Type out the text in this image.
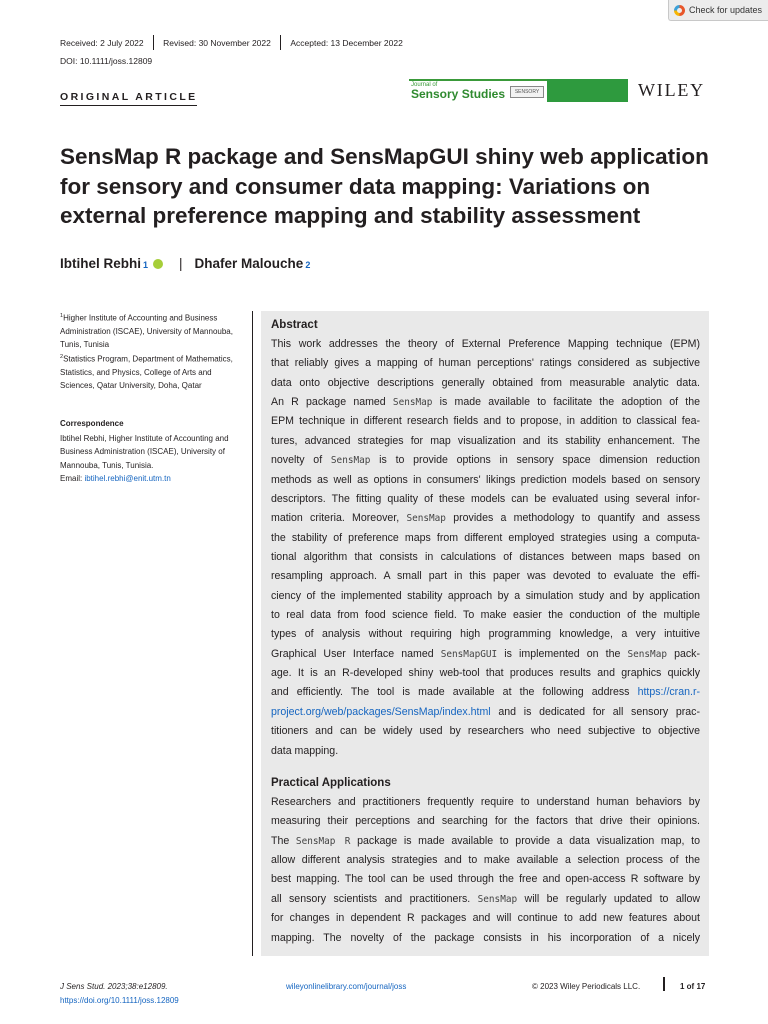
Check for updates
Received: 2 July 2022	Revised: 30 November 2022	Accepted: 13 December 2022
DOI: 10.1111/joss.12809
ORIGINAL ARTICLE
Journal of
Sensory Studies	SENSORY	WILEY
SensMap R package and SensMapGUI shiny web application for sensory and consumer data mapping: Variations on external preference mapping and stability assessment
Ibtihel Rebhi 1 | Dhafer Malouche 2
$^1$Higher Institute of Accounting and Business Administration (ISCAE), University of Mannouba, Tunis, Tunisia
$^2$Statistics Program, Department of Mathematics, Statistics, and Physics, College of Arts and Sciences, Qatar University, Doha, Qatar
Correspondence
Ibtihel Rebhi, Higher Institute of Accounting and Business Administration (ISCAE), University of Mannouba, Tunis, Tunisia.
Email: ibtihel.rebhi@enit.utm.tn
Abstract
This work addresses the theory of External Preference Mapping technique (EPM)
that reliably gives a mapping of human perceptions' ratings considered as subjective
data onto objective descriptions generally obtained from measurable analytic data.
An R package named SensMap is made available to facilitate the adoption of the
EPM technique in different research fields and to propose, in addition to classical fea-
tures, advanced strategies for map visualization and its stability enhancement. The
novelty of SensMap is to provide options in sensory space dimension reduction
methods as well as options in consumers' likings prediction models based on sensory
descriptors. The fitting quality of these models can be evaluated using several infor-
mation criteria. Moreover, SensMap provides a methodology to quantify and assess
the stability of preference maps from different employed strategies using a computa-
tional algorithm that consists in calculations of distances between maps based on
resampling approach. A small part in this paper was devoted to evaluate the effi-
ciency of the implemented stability approach by a simulation study and by application
to real data from food science field. To make easier the conduction of the multiple
types of analysis without requiring high programming knowledge, a very intuitive
Graphical User Interface named SensMapGUI is implemented on the SensMap pack-
age. It is an R-developed shiny web-tool that produces results and graphics quickly
and efficiently. The tool is made available at the following address https://cran.r-
project.org/web/packages/SensMap/index.html and is dedicated for all sensory prac-
titioners and can be widely used by researchers who need subjective to objective
data mapping.
Practical Applications
Researchers and practitioners frequently require to understand human behaviors by
measuring their perceptions and searching for the factors that drive their opinions.
The SensMap R package is made available to provide a data visualization map, to
allow different analysis strategies and to make available a selection process of the
best mapping. The tool can be used through the free and open-access R software by
all sensory scientists and practitioners. SensMap will be regularly updated to allow
for changes in dependent R packages and will continue to add new features about
mapping. The novelty of the package consists in his incorporation of a nicely
J Sens Stud. 2023;38:e12809.
https://doi.org/10.1111/joss.12809
wileyonlinelibrary.com/journal/joss	© 2023 Wiley Periodicals LLC.	1 of 17
